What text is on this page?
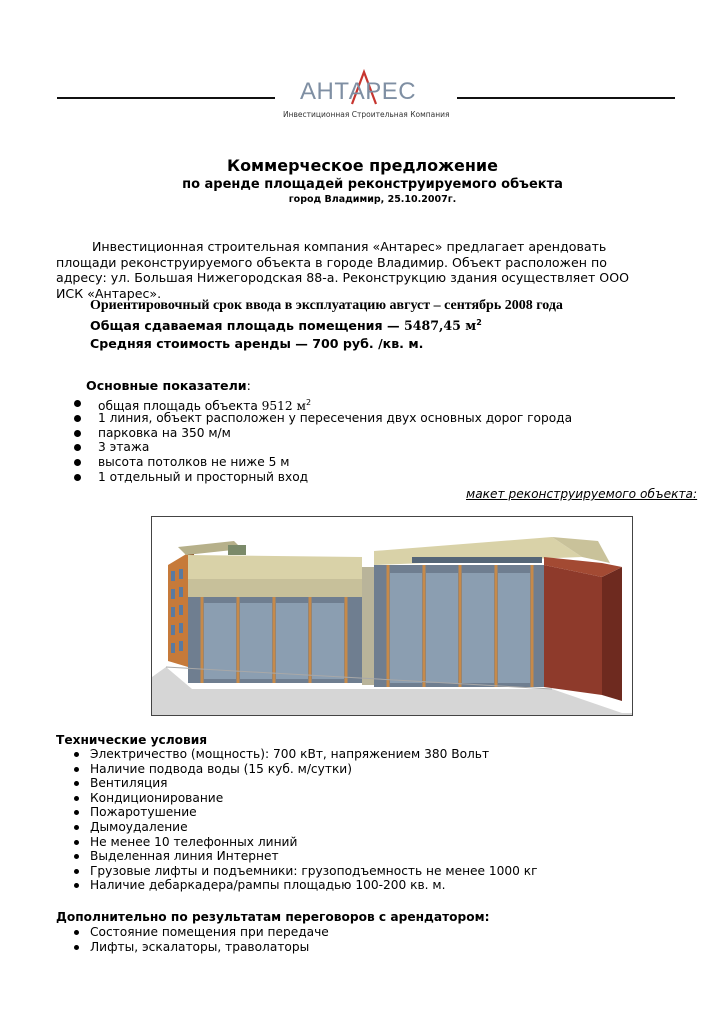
АНТАРЕС
Инвестиционная Строительная Компания
Коммерческое предложение
по аренде площадей реконструируемого объекта
город Владимир, 25.10.2007г.
Инвестиционная строительная компания «Антарес» предлагает арендовать площади реконструируемого объекта в городе Владимир. Объект расположен по адресу: ул. Большая Нижегородская 88-а. Реконструкцию здания осуществляет ООО ИСК «Антарес».
Ориентировочный срок ввода в эксплуатацию август – сентябрь 2008 года
Общая сдаваемая площадь помещения — 5487,45 $м^2$
Средняя стоимость аренды — 700 руб. /кв. м.
Основные показатели:
общая площадь объекта 9512 $м^2$
1 линия, объект расположен у пересечения двух основных дорог города
парковка на 350 м/м
3 этажа
высота потолков не ниже 5 м
1 отдельный и просторный вход
макет реконструируемого объекта:
Технические условия
Электричество (мощность): 700 кВт, напряжением 380 Вольт
Наличие подвода воды (15 куб. м/сутки)
Вентиляция
Кондиционирование
Пожаротушение
Дымоудаление
Не менее 10 телефонных линий
Выделенная линия Интернет
Грузовые лифты и подъемники: грузоподъемность не менее 1000 кг
Наличие дебаркадера/рампы площадью 100-200 кв. м.
Дополнительно по результатам переговоров с арендатором:
Состояние помещения при передаче
Лифты, эскалаторы, траволаторы
